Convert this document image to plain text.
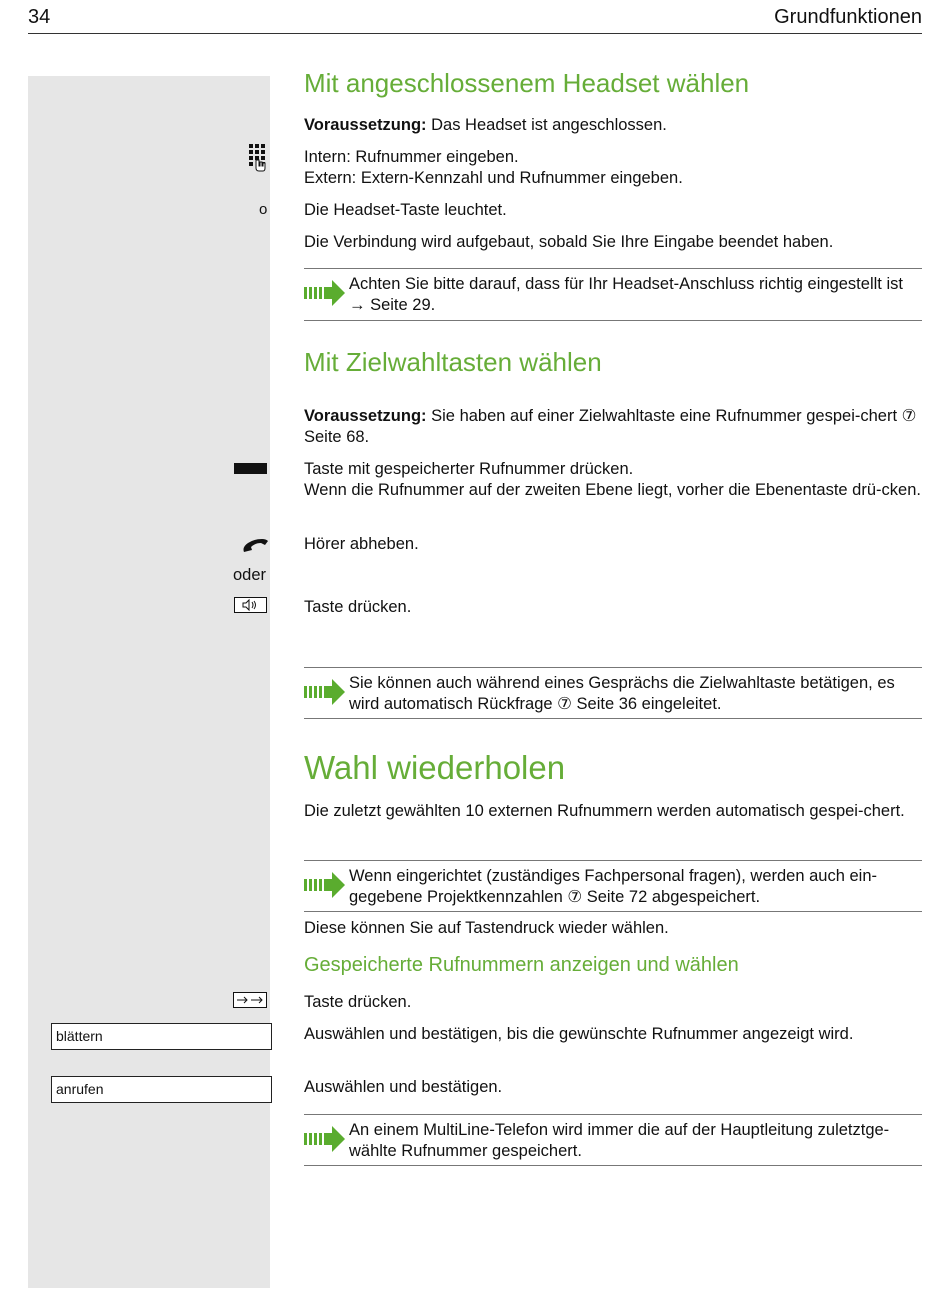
34	Grundfunktionen
Mit angeschlossenem Headset wählen
Voraussetzung: Das Headset ist angeschlossen.
Intern: Rufnummer eingeben.
Extern: Extern-Kennzahl und Rufnummer eingeben.
o Die Headset-Taste leuchtet.
Die Verbindung wird aufgebaut, sobald Sie Ihre Eingabe beendet haben.
Achten Sie bitte darauf, dass für Ihr Headset-Anschluss richtig eingestellt ist → Seite 29.
Mit Zielwahltasten wählen
Voraussetzung: Sie haben auf einer Zielwahltaste eine Rufnummer gespei-chert ⑦ Seite 68.
Taste mit gespeicherter Rufnummer drücken.
Wenn die Rufnummer auf der zweiten Ebene liegt, vorher die Ebenentaste drü-cken.
Hörer abheben.
oder
Taste drücken.
Sie können auch während eines Gesprächs die Zielwahltaste betätigen, es wird automatisch Rückfrage ⑦ Seite 36 eingeleitet.
Wahl wiederholen
Die zuletzt gewählten 10 externen Rufnummern werden automatisch gespei-chert.
Wenn eingerichtet (zuständiges Fachpersonal fragen), werden auch ein-gegebene Projektkennzahlen ⑦ Seite 72 abgespeichert.
Diese können Sie auf Tastendruck wieder wählen.
Gespeicherte Rufnummern anzeigen und wählen
Taste drücken.
blättern	Auswählen und bestätigen, bis die gewünschte Rufnummer angezeigt wird.
anrufen	Auswählen und bestätigen.
An einem MultiLine-Telefon wird immer die auf der Hauptleitung zuletztge-wählte Rufnummer gespeichert.
